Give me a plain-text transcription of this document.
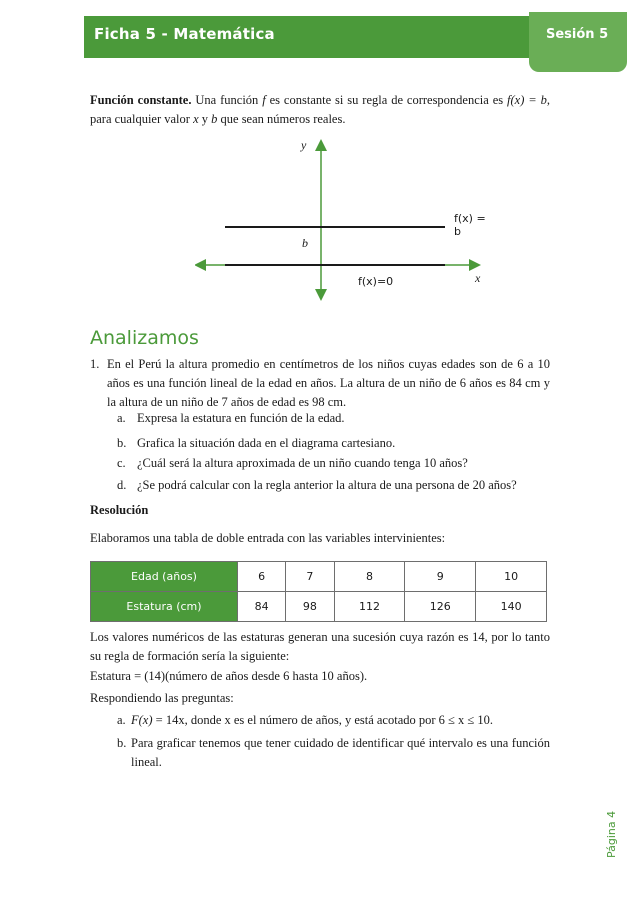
Ficha 5 - Matemática	Sesión 5
Función constante. Una función f es constante si su regla de correspondencia es f(x) = b, para cualquier valor x y b que sean números reales.
y
x
b
f(x) = b
f(x)=0
Analizamos
1. En el Perú la altura promedio en centímetros de los niños cuyas edades son de 6 a 10 años es una función lineal de la edad en años. La altura de un niño de 6 años es 84 cm y la altura de un niño de 7 años de edad es 98 cm.
a. Expresa la estatura en función de la edad.
b. Grafica la situación dada en el diagrama cartesiano.
c. ¿Cuál será la altura aproximada de un niño cuando tenga 10 años?
d. ¿Se podrá calcular con la regla anterior la altura de una persona de 20 años?
Resolución
Elaboramos una tabla de doble entrada con las variables intervinientes:
Edad (años)	6	7	8	9	10
Estatura (cm)	84	98	112	126	140
Los valores numéricos de las estaturas generan una sucesión cuya razón es 14, por lo tanto su regla de formación sería la siguiente:
Estatura = (14)(número de años desde 6 hasta 10 años).
Respondiendo las preguntas:
a. F(x) = 14x, donde x es el número de años, y está acotado por 6 ≤ x ≤ 10.
b. Para graficar tenemos que tener cuidado de identificar qué intervalo es una función lineal.
Página 4
